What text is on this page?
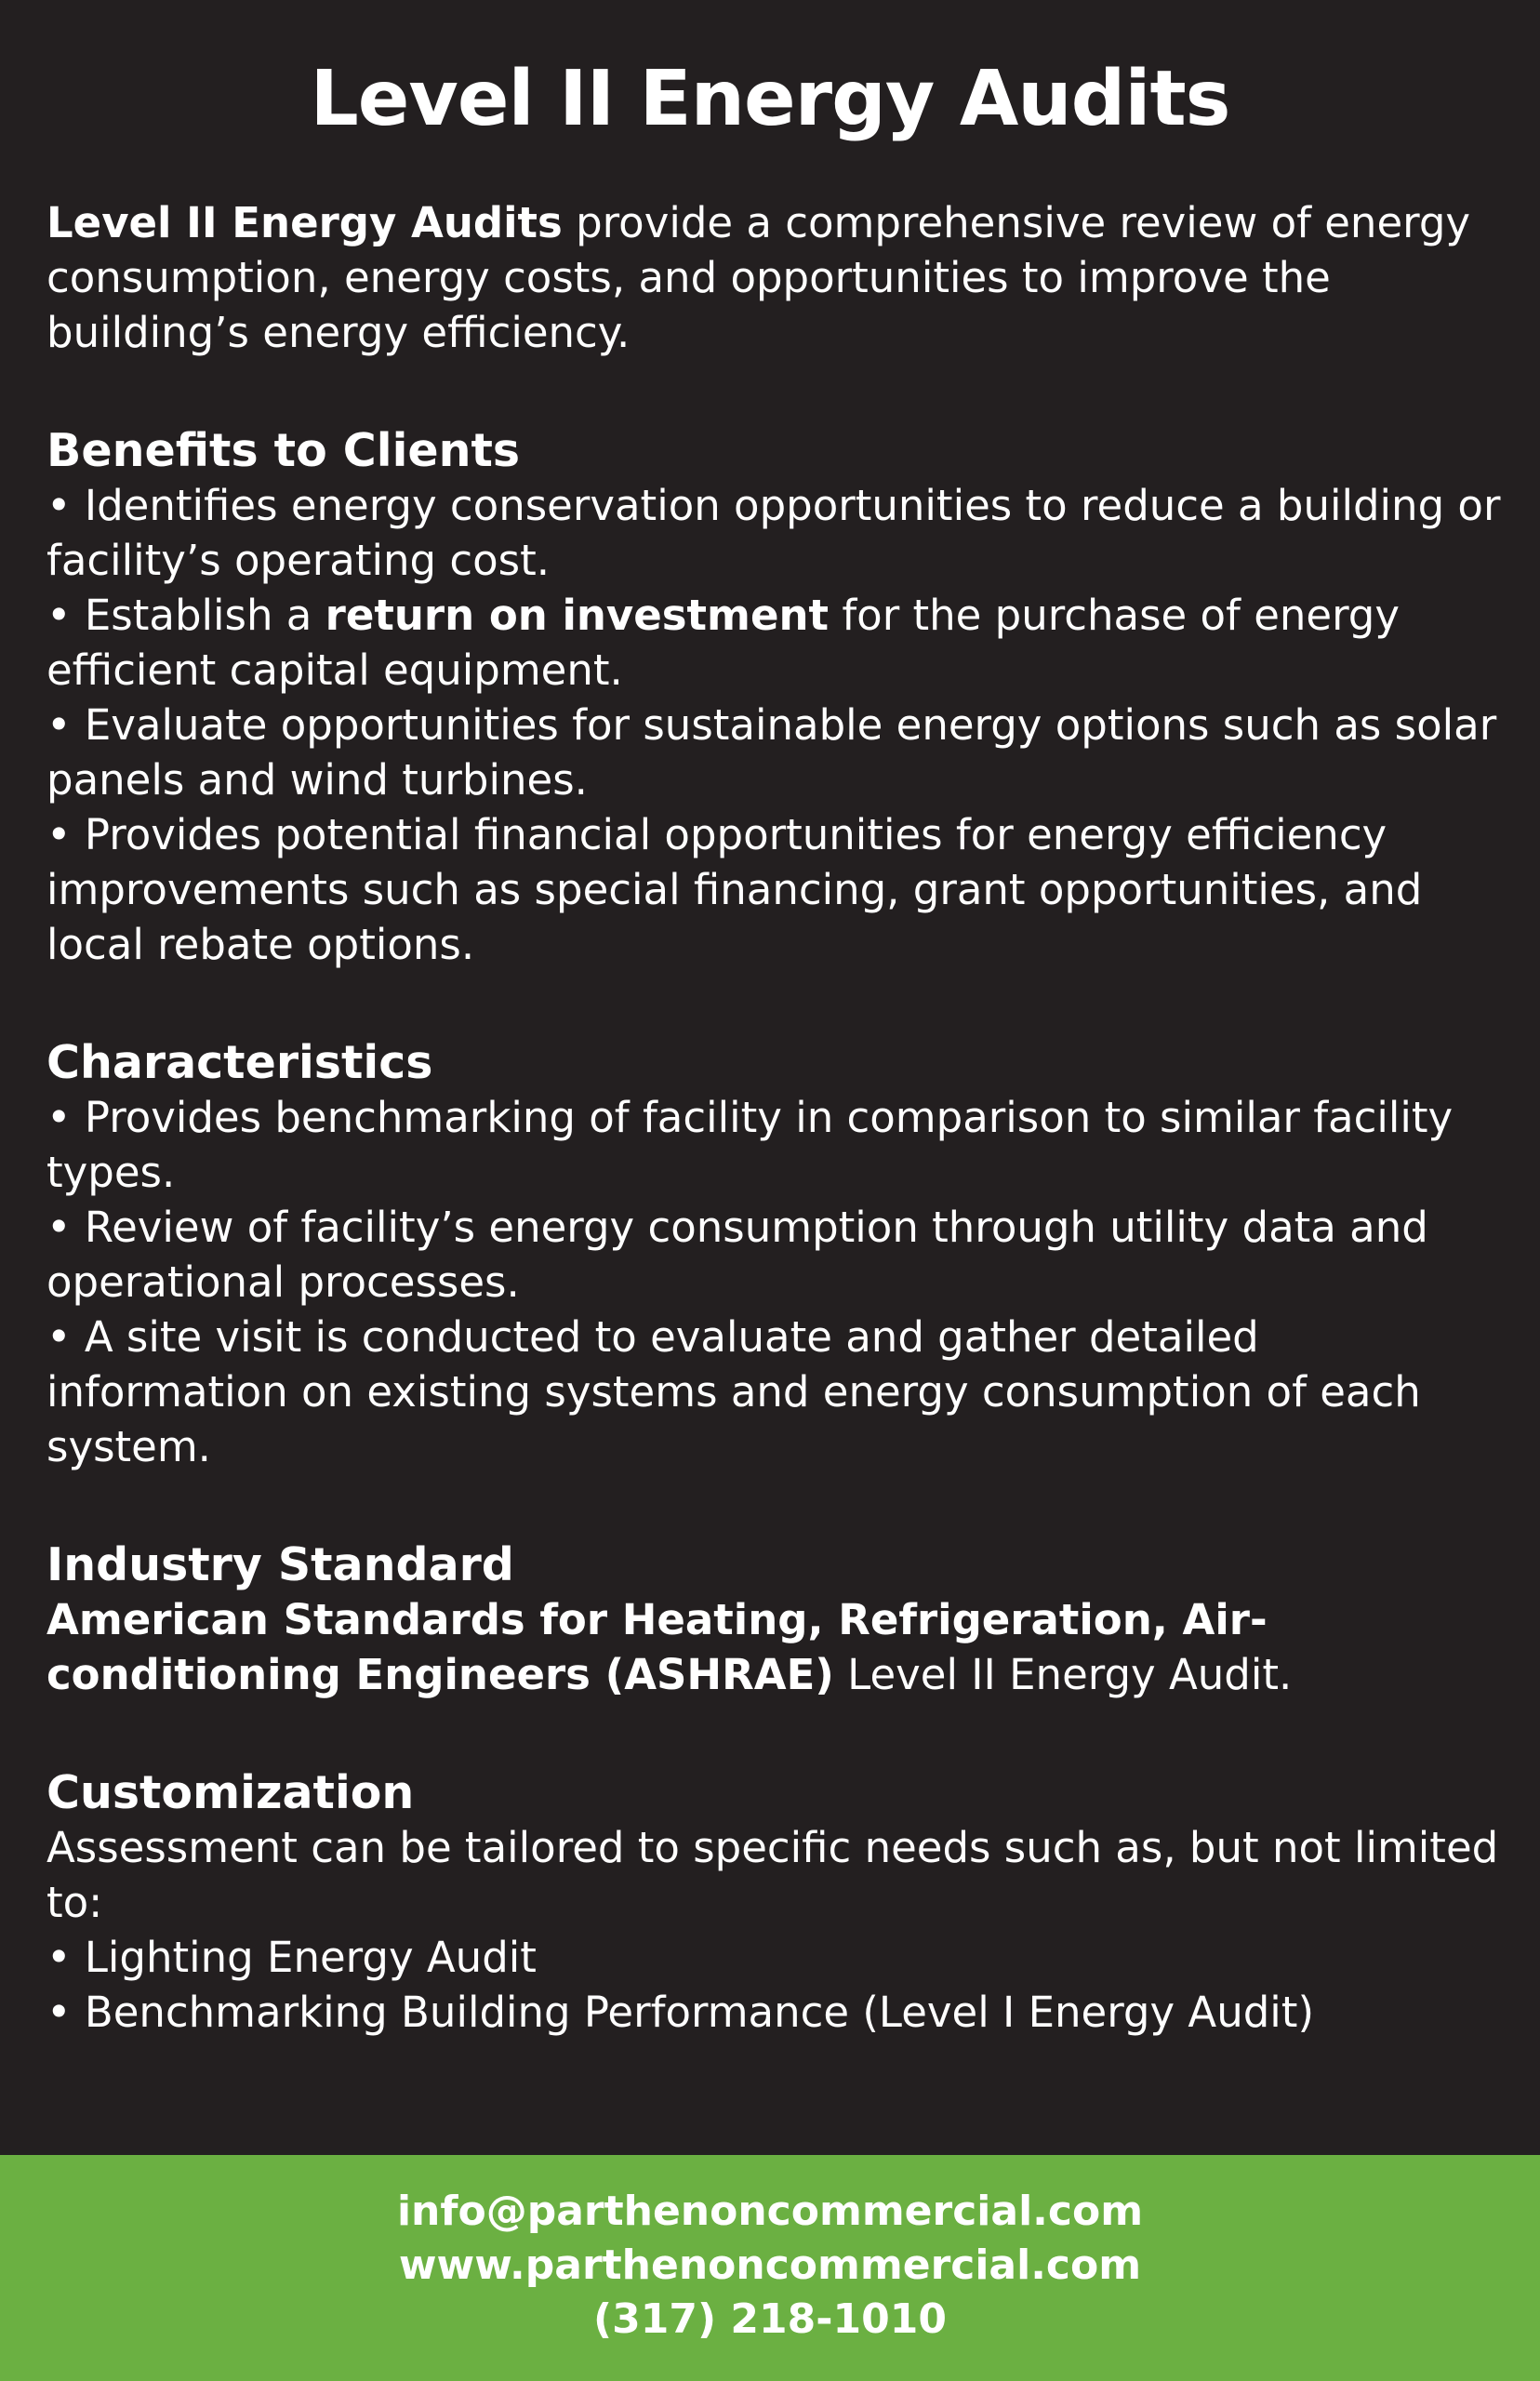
Level II Energy Audits

Level II Energy Audits provide a comprehensive review of energy consumption, energy costs, and opportunities to improve the building’s energy efficiency.

Benefits to Clients

• Identifies energy conservation opportunities to reduce a building or facility’s operating cost.

• Establish a return on investment for the purchase of energy efficient capital equipment.

• Evaluate opportunities for sustainable energy options such as solar panels and wind turbines.

• Provides potential financial opportunities for energy efficiency improvements such as special financing, grant opportunities, and local rebate options.

Characteristics

• Provides benchmarking of facility in comparison to similar facility types.

• Review of facility’s energy consumption through utility data and operational processes.

• A site visit is conducted to evaluate and gather detailed information on existing systems and energy consumption of each system.

Industry Standard

American Standards for Heating, Refrigeration, Air-conditioning Engineers (ASHRAE) Level II Energy Audit.

Customization

Assessment can be tailored to specific needs such as, but not limited to:

• Lighting Energy Audit

• Benchmarking Building Performance (Level I Energy Audit)

info@parthenoncommercial.com
www.parthenoncommercial.com
(317) 218-1010
